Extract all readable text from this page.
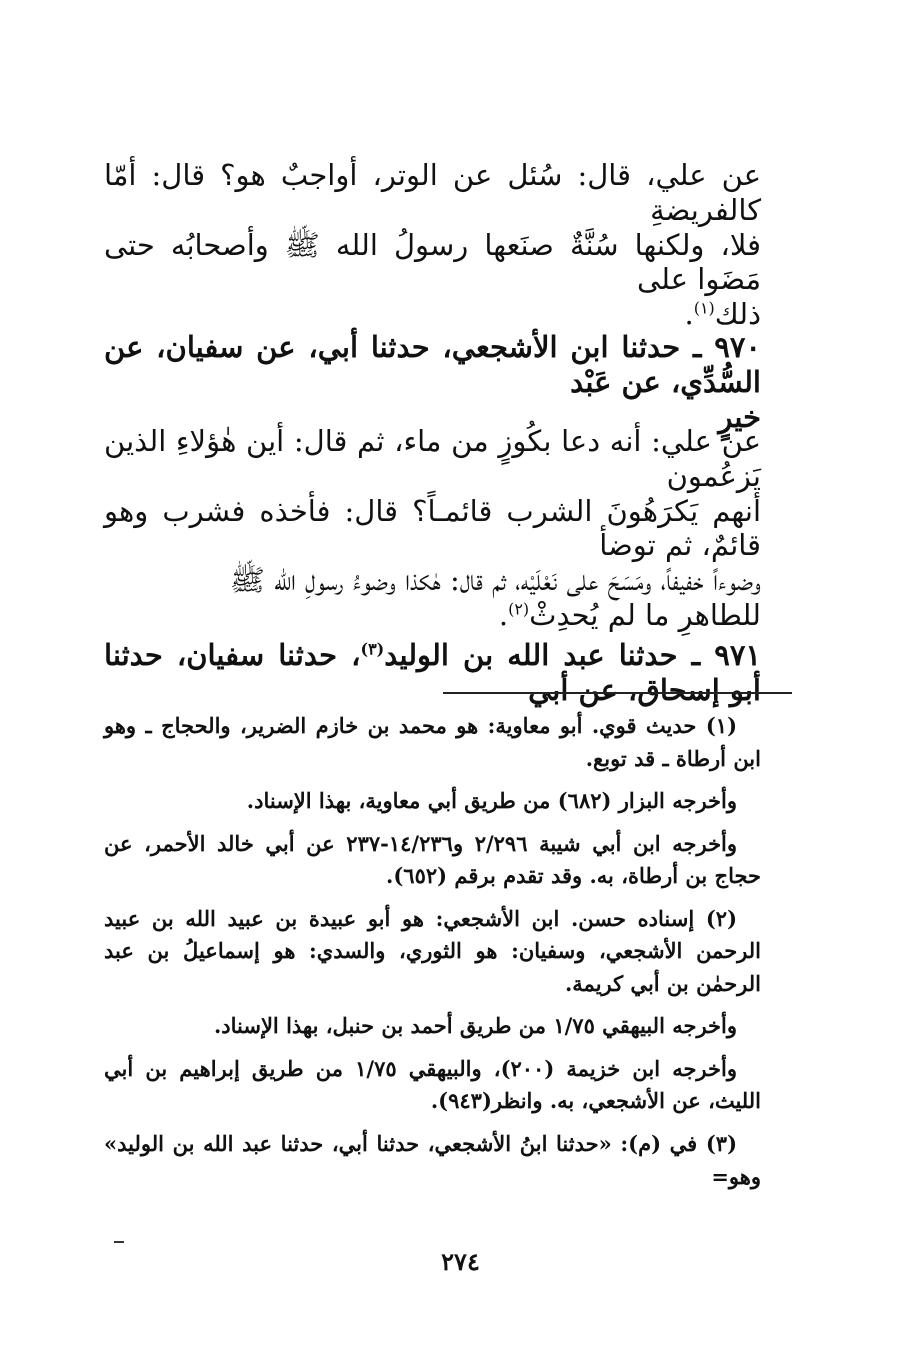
عن علي، قال: سُئل عن الوتر، أواجبٌ هو؟ قال: أمّا كالفريضةِ

فلا، ولكنها سُنَّةٌ صنَعها رسولُ الله ﷺ وأصحابُه حتى مَضَوا على

ذلك$^{(١)}$.

٩٧٠ ـ حدثنا ابن الأشجعي، حدثنا أبي، عن سفيان، عن السُّدِّي، عن عَبْد

خيرٍ

عن علي: أنه دعا بكُوزٍ من ماء، ثم قال: أين هٰؤلاءِ الذين يَزعُمون

أنهم يَكرَهُونَ الشرب قائمـاً؟ قال: فأخذه فشرب وهو قائمٌ، ثم توضأ

وضوءاً خفيفاً، ومَسَحَ على نَعْلَيْه، ثم قال: هٰكذا وضوءُ رسولِ الله ﷺ

للطاهرِ ما لم يُحدِثْ$^{(٢)}$.

٩٧١ ـ حدثنا عبد الله بن الوليد$^{(٣)}$، حدثنا سفيان، حدثنا أبو إسحاق، عن أبي

(١) حديث قوي. أبو معاوية: هو محمد بن خازم الضرير، والحجاج ـ وهو ابن أرطاة ـ قد توبع.

وأخرجه البزار (٦٨٢) من طريق أبي معاوية، بهذا الإسناد.

وأخرجه ابن أبي شيبة ٢/٢٩٦ و١٤/٢٣٦-٢٣٧ عن أبي خالد الأحمر، عن حجاج بن أرطاة، به. وقد تقدم برقم (٦٥٢).

(٢) إسناده حسن. ابن الأشجعي: هو أبو عبيدة بن عبيد الله بن عبيد الرحمن الأشجعي، وسفيان: هو الثوري، والسدي: هو إسماعيلُ بن عبد الرحمٰن بن أبي كريمة.

وأخرجه البيهقي ١/٧٥ من طريق أحمد بن حنبل، بهذا الإسناد.

وأخرجه ابن خزيمة (٢٠٠)، والبيهقي ١/٧٥ من طريق إبراهيم بن أبي الليث، عن الأشجعي، به. وانظر(٩٤٣).

(٣) في (م): «حدثنا ابنُ الأشجعي، حدثنا أبي، حدثنا عبد الله بن الوليد» وهو=

٢٧٤
